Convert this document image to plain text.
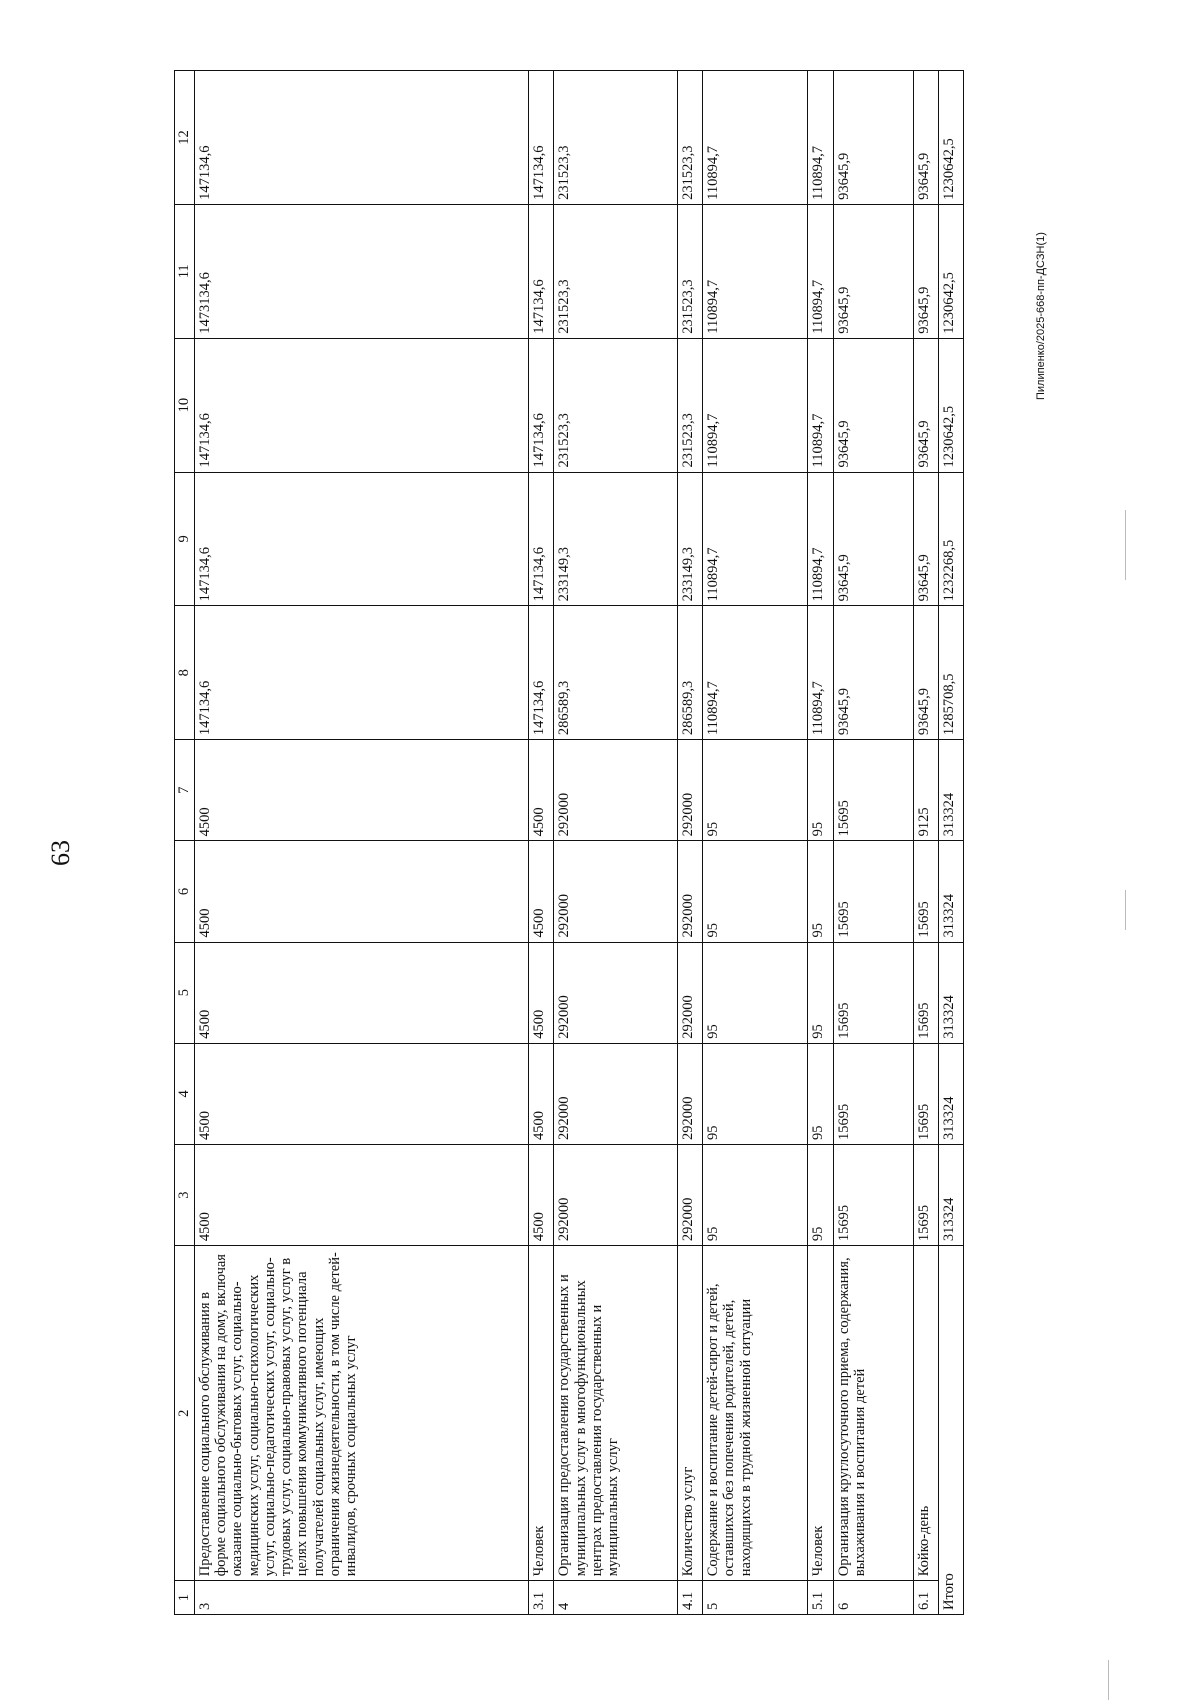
63
1	2	3	4	5	6	7	8	9	10	11	12
3	Предоставление социального обслуживания в форме социального обслуживания на дому, включая оказание социально-бытовых услуг, социально-медицинских услуг, социально-психологических услуг, социально-педагогических услуг, социально-трудовых услуг, социально-правовых услуг, услуг в целях повышения коммуникативного потенциала получателей социальных услуг, имеющих ограничения жизнедеятельности, в том числе детей-инвалидов, срочных социальных услуг	4500	4500	4500	4500	4500	147134,6	147134,6	147134,6	1473134,6	147134,6
3.1	Человек	4500	4500	4500	4500	4500	147134,6	147134,6	147134,6	147134,6	147134,6
4	Организация предоставления государственных и муниципальных услуг в многофункциональных центрах предоставления государственных и муниципальных услуг	292000	292000	292000	292000	292000	286589,3	233149,3	231523,3	231523,3	231523,3
4.1	Количество услуг	292000	292000	292000	292000	292000	286589,3	233149,3	231523,3	231523,3	231523,3
5	Содержание и воспитание детей-сирот и детей, оставшихся без попечения родителей, детей, находящихся в трудной жизненной ситуации	95	95	95	95	95	110894,7	110894,7	110894,7	110894,7	110894,7
5.1	Человек	95	95	95	95	95	110894,7	110894,7	110894,7	110894,7	110894,7
6	Организация круглосуточного приема, содержания, выхаживания и воспитания детей	15695	15695	15695	15695	15695	93645,9	93645,9	93645,9	93645,9	93645,9
6.1	Койко-день	15695	15695	15695	15695	9125	93645,9	93645,9	93645,9	93645,9	93645,9
Итого		313324	313324	313324	313324	313324	1285708,5	1232268,5	1230642,5	1230642,5	1230642,5
Пилипенко/2025-668-пп-ДСЗН(1)
